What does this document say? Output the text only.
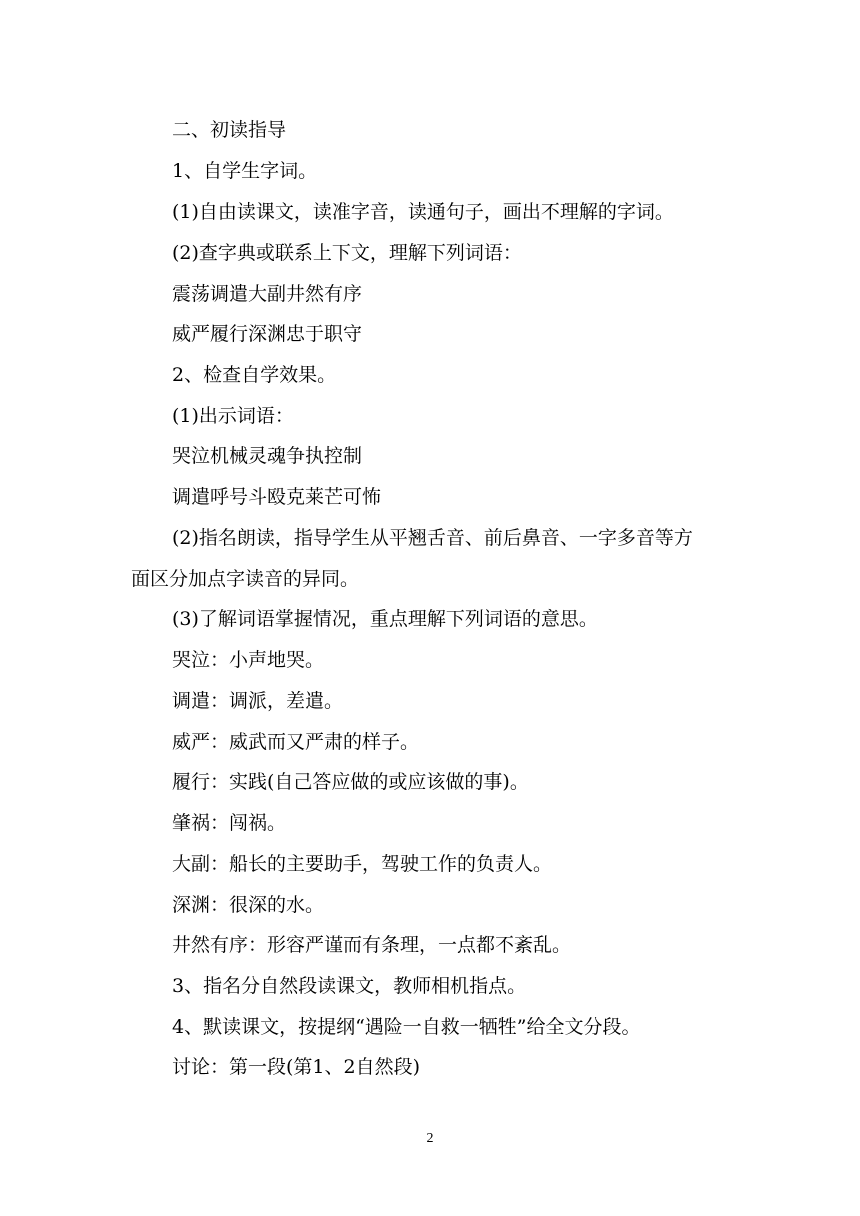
二、初读指导
1、自学生字词。
(1)自由读课文，读准字音，读通句子，画出不理解的字词。
(2)查字典或联系上下文，理解下列词语：
震荡调遣大副井然有序
威严履行深渊忠于职守
2、检查自学效果。
(1)出示词语：
哭泣机械灵魂争执控制
调遣呼号斗殴克莱芒可怖
(2)指名朗读，指导学生从平翘舌音、前后鼻音、一字多音等方
面区分加点字读音的异同。
(3)了解词语掌握情况，重点理解下列词语的意思。
哭泣：小声地哭。
调遣：调派，差遣。
威严：威武而又严肃的样子。
履行：实践(自己答应做的或应该做的事)。
肇祸：闯祸。
大副：船长的主要助手，驾驶工作的负责人。
深渊：很深的水。
井然有序：形容严谨而有条理，一点都不紊乱。
3、指名分自然段读课文，教师相机指点。
4、默读课文，按提纲“遇险一自救一牺牲”给全文分段。
讨论：第一段(第1、2自然段)
2
